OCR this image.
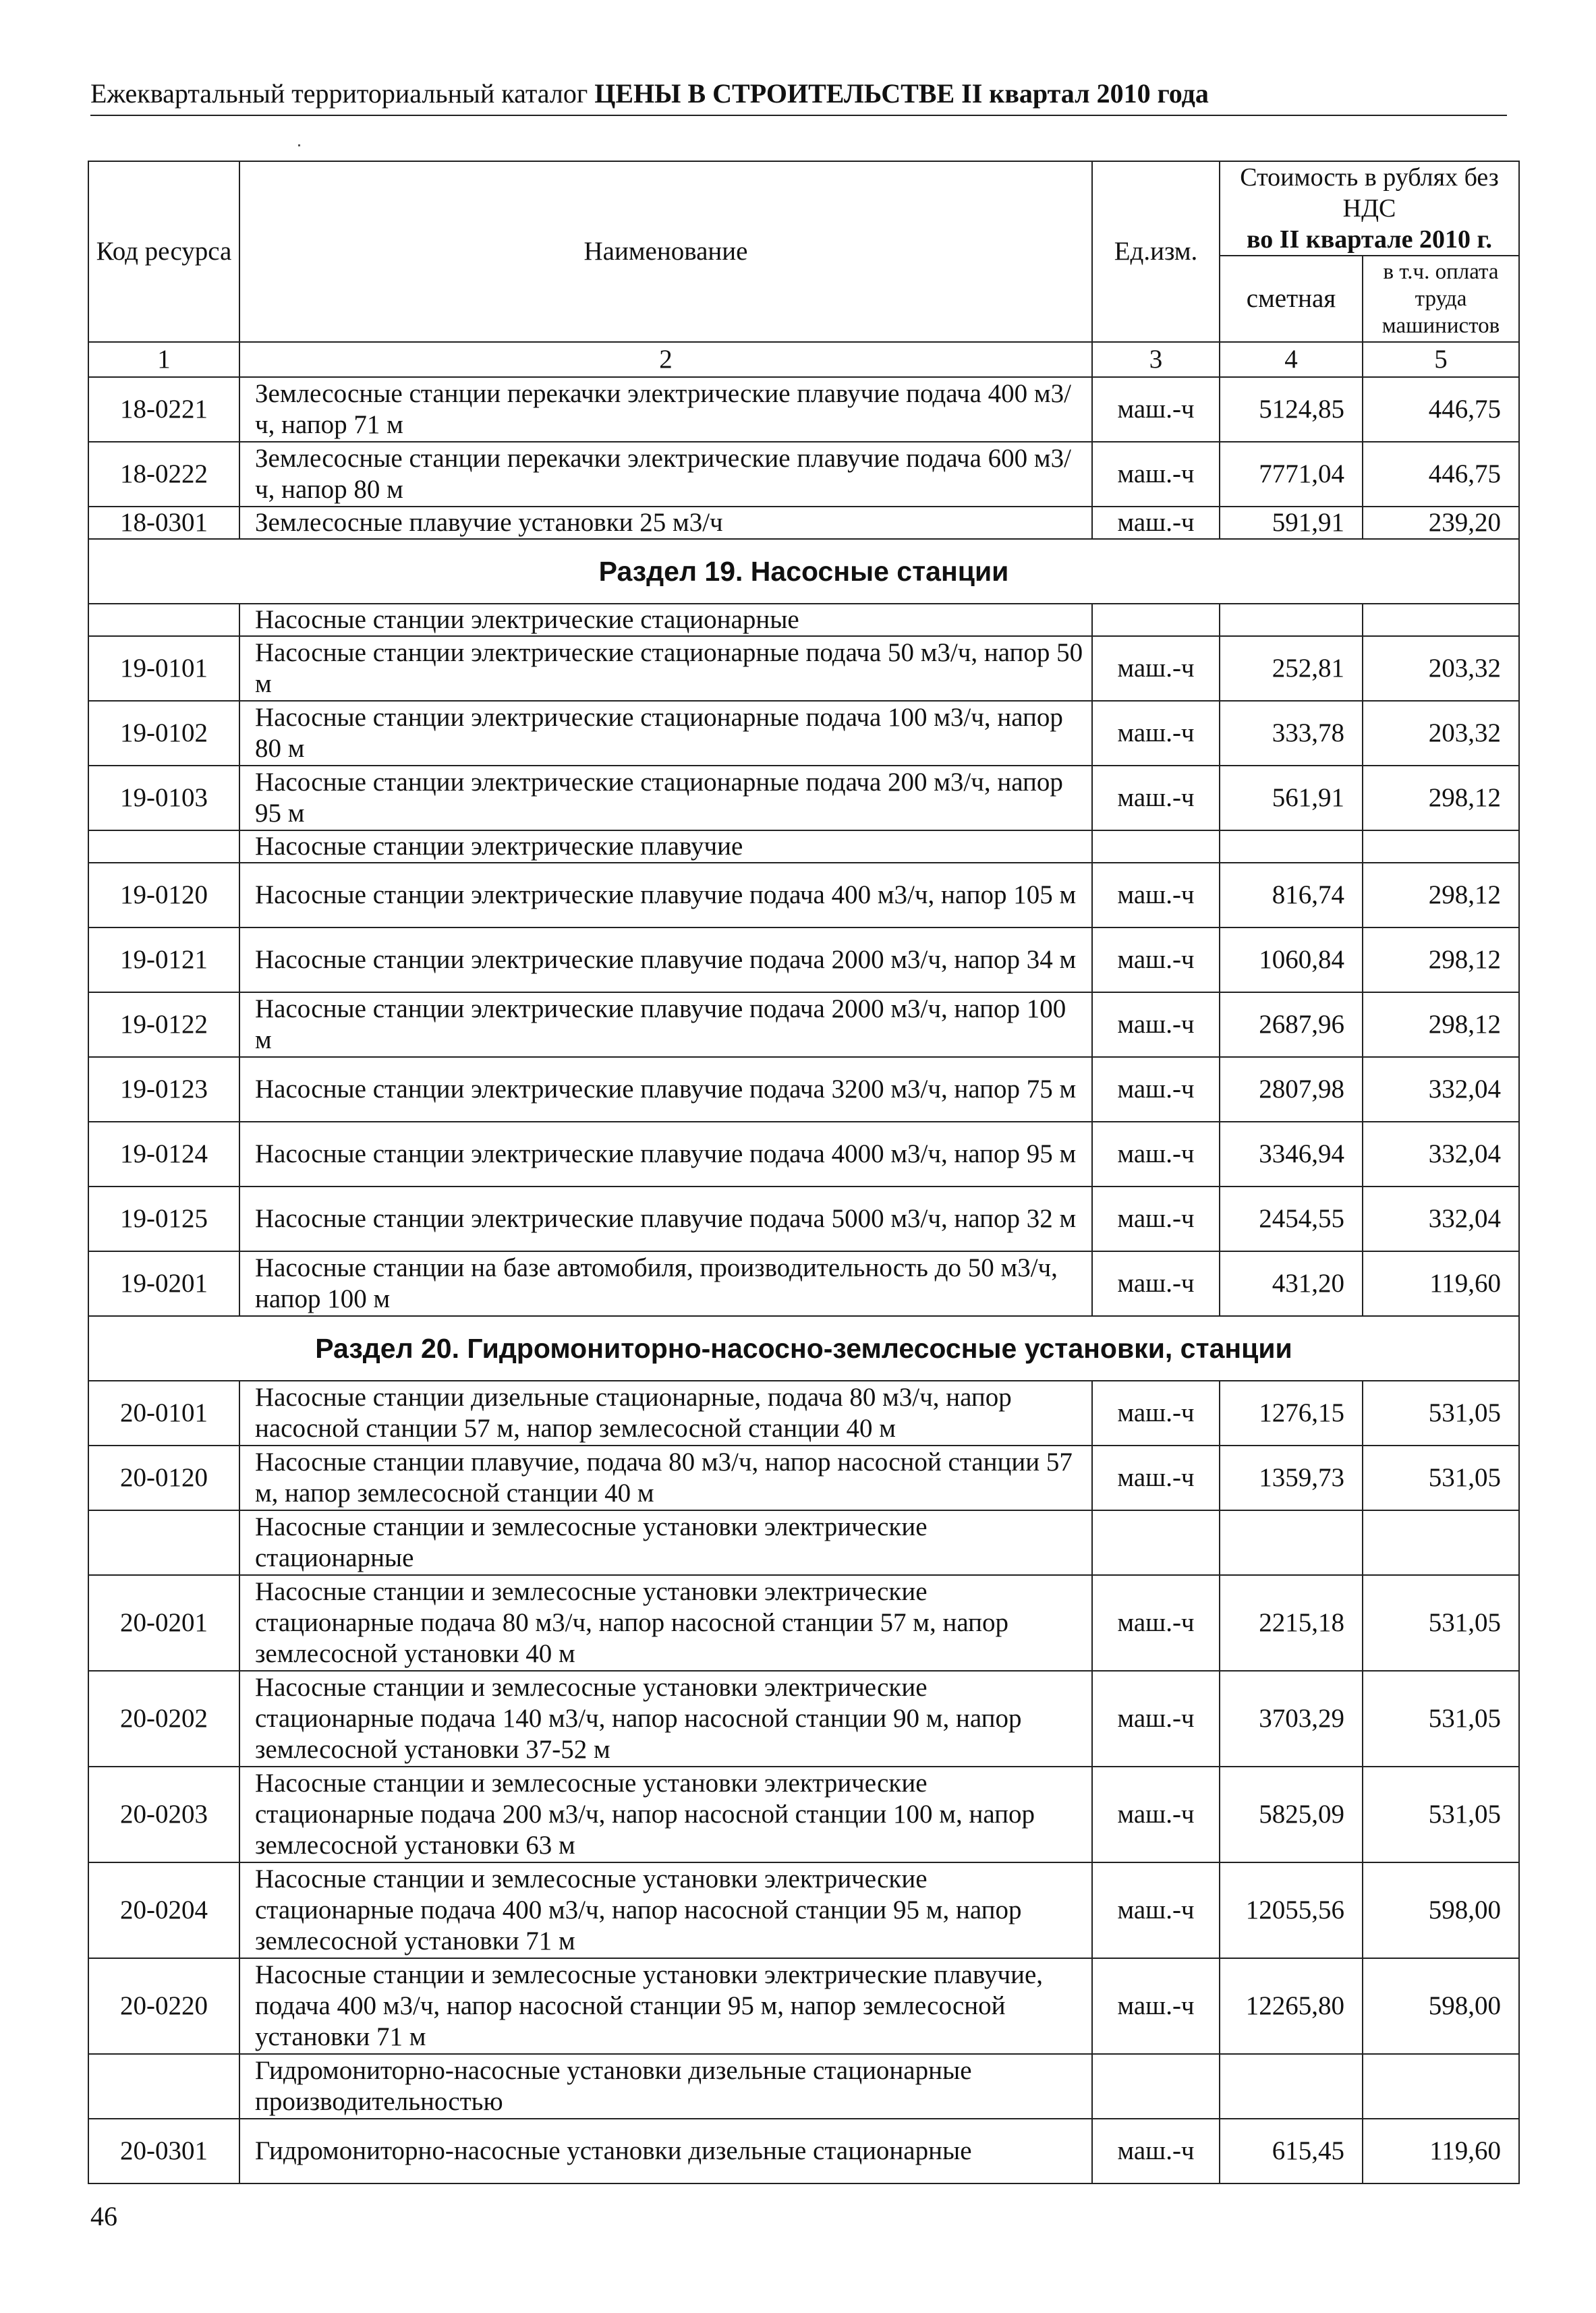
Ежеквартальный территориальный каталог ЦЕНЫ В СТРОИТЕЛЬСТВЕ II квартал 2010 года
Код ресурса	Наименование	Ед.изм.	Стоимость в рублях без НДС
во II квартале 2010 г.	

			сметная	в т.ч. оплата труда машинистов
1	2	3	4	5
18-0221	Землесосные станции перекачки электрические плавучие подача 400 м3/ч, напор 71 м	маш.-ч	5124,85	446,75
18-0222	Землесосные станции перекачки электрические плавучие подача 600 м3/ч, напор 80 м	маш.-ч	7771,04	446,75
18-0301	Землесосные плавучие установки 25 м3/ч	маш.-ч	591,91	239,20
Раздел 19. Насосные станции				
	Насосные станции электрические стационарные			
19-0101	Насосные станции электрические стационарные подача 50 м3/ч, напор 50 м	маш.-ч	252,81	203,32
19-0102	Насосные станции электрические стационарные подача 100 м3/ч, напор 80 м	маш.-ч	333,78	203,32
19-0103	Насосные станции электрические стационарные подача 200 м3/ч, напор 95 м	маш.-ч	561,91	298,12
	Насосные станции электрические плавучие			
19-0120	Насосные станции электрические плавучие подача 400 м3/ч, напор 105 м	маш.-ч	816,74	298,12
19-0121	Насосные станции электрические плавучие подача 2000 м3/ч, напор 34 м	маш.-ч	1060,84	298,12
19-0122	Насосные станции электрические плавучие подача 2000 м3/ч, напор 100 м	маш.-ч	2687,96	298,12
19-0123	Насосные станции электрические плавучие подача 3200 м3/ч, напор 75 м	маш.-ч	2807,98	332,04
19-0124	Насосные станции электрические плавучие подача 4000 м3/ч, напор 95 м	маш.-ч	3346,94	332,04
19-0125	Насосные станции электрические плавучие подача 5000 м3/ч, напор 32 м	маш.-ч	2454,55	332,04
19-0201	Насосные станции на базе автомобиля, производительность до 50 м3/ч, напор 100 м	маш.-ч	431,20	119,60
Раздел 20. Гидромониторно-насосно-землесосные установки, станции				
20-0101	Насосные станции дизельные стационарные, подача 80 м3/ч, напор насосной станции 57 м, напор землесосной станции 40 м	маш.-ч	1276,15	531,05
20-0120	Насосные станции плавучие, подача 80 м3/ч, напор насосной станции 57 м, напор землесосной станции 40 м	маш.-ч	1359,73	531,05
	Насосные станции и землесосные установки электрические стационарные			
20-0201	Насосные станции и землесосные установки электрические стационарные подача 80 м3/ч, напор насосной станции 57 м, напор землесосной установки 40 м	маш.-ч	2215,18	531,05
20-0202	Насосные станции и землесосные установки электрические стационарные подача 140 м3/ч, напор насосной станции 90 м, напор землесосной установки 37-52 м	маш.-ч	3703,29	531,05
20-0203	Насосные станции и землесосные установки электрические стационарные подача 200 м3/ч, напор насосной станции 100 м, напор землесосной установки 63 м	маш.-ч	5825,09	531,05
20-0204	Насосные станции и землесосные установки электрические стационарные подача 400 м3/ч, напор насосной станции 95 м, напор землесосной установки 71 м	маш.-ч	12055,56	598,00
20-0220	Насосные станции и землесосные установки электрические плавучие, подача 400 м3/ч, напор насосной станции 95 м, напор землесосной установки 71 м	маш.-ч	12265,80	598,00
	Гидромониторно-насосные установки дизельные стационарные производительностью			
20-0301	Гидромониторно-насосные установки дизельные стационарные	маш.-ч	615,45	119,60
46
